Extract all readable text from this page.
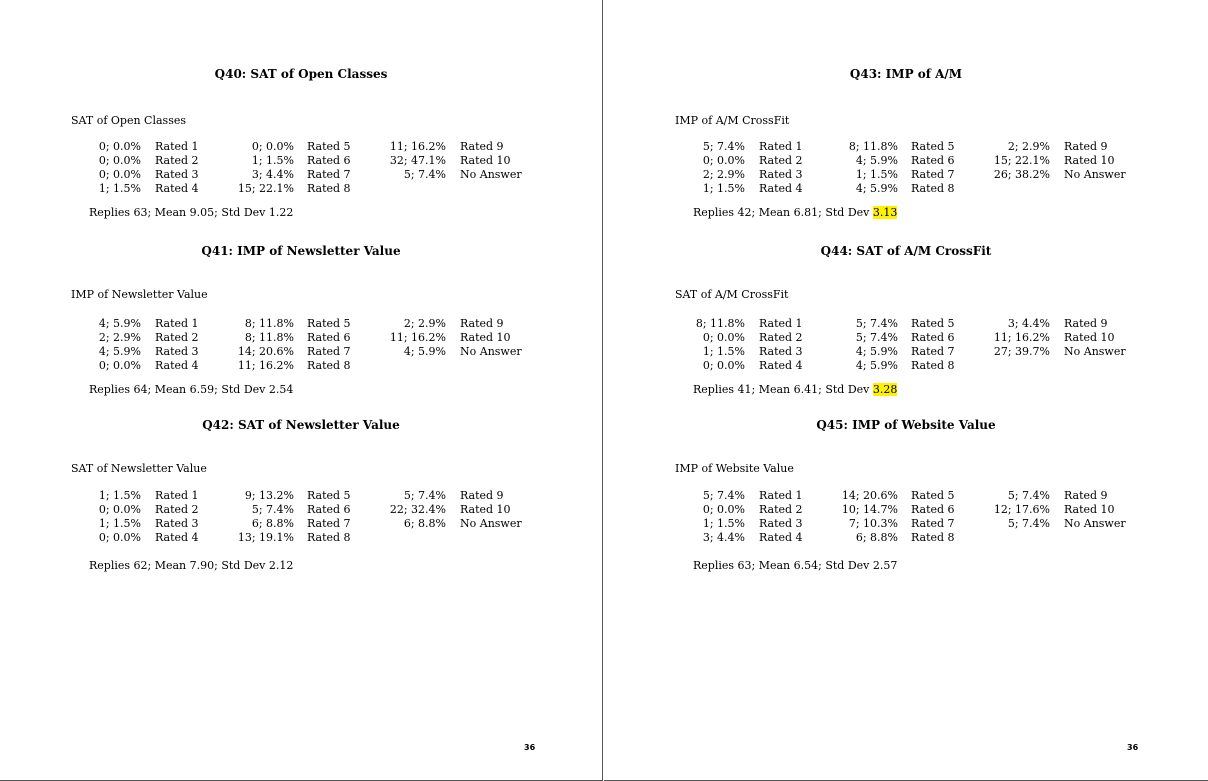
Q40: SAT of Open Classes
SAT of Open Classes
0; 0.0% Rated 1	0; 0.0% Rated 5	11; 16.2% Rated 9
0; 0.0% Rated 2	1; 1.5% Rated 6	32; 47.1% Rated 10
0; 0.0% Rated 3	3; 4.4% Rated 7	5; 7.4% No Answer
1; 1.5% Rated 4	15; 22.1% Rated 8
Replies 63; Mean 9.05; Std Dev 1.22
Q41: IMP of Newsletter Value
IMP of Newsletter Value
4; 5.9% Rated 1	8; 11.8% Rated 5	2; 2.9% Rated 9
2; 2.9% Rated 2	8; 11.8% Rated 6	11; 16.2% Rated 10
4; 5.9% Rated 3	14; 20.6% Rated 7	4; 5.9% No Answer
0; 0.0% Rated 4	11; 16.2% Rated 8
Replies 64; Mean 6.59; Std Dev 2.54
Q42: SAT of Newsletter Value
SAT of Newsletter Value
1; 1.5% Rated 1	9; 13.2% Rated 5	5; 7.4% Rated 9
0; 0.0% Rated 2	5; 7.4% Rated 6	22; 32.4% Rated 10
1; 1.5% Rated 3	6; 8.8% Rated 7	6; 8.8% No Answer
0; 0.0% Rated 4	13; 19.1% Rated 8
Replies 62; Mean 7.90; Std Dev 2.12
36
Q43: IMP of A/M
IMP of A/M CrossFit
5; 7.4% Rated 1	8; 11.8% Rated 5	2; 2.9% Rated 9
0; 0.0% Rated 2	4; 5.9% Rated 6	15; 22.1% Rated 10
2; 2.9% Rated 3	1; 1.5% Rated 7	26; 38.2% No Answer
1; 1.5% Rated 4	4; 5.9% Rated 8
Replies 42; Mean 6.81; Std Dev 3.13
Q44: SAT of A/M CrossFit
SAT of A/M CrossFit
8; 11.8% Rated 1	5; 7.4% Rated 5	3; 4.4% Rated 9
0; 0.0% Rated 2	5; 7.4% Rated 6	11; 16.2% Rated 10
1; 1.5% Rated 3	4; 5.9% Rated 7	27; 39.7% No Answer
0; 0.0% Rated 4	4; 5.9% Rated 8
Replies 41; Mean 6.41; Std Dev 3.28
Q45: IMP of Website Value
IMP of Website Value
5; 7.4% Rated 1	14; 20.6% Rated 5	5; 7.4% Rated 9
0; 0.0% Rated 2	10; 14.7% Rated 6	12; 17.6% Rated 10
1; 1.5% Rated 3	7; 10.3% Rated 7	5; 7.4% No Answer
3; 4.4% Rated 4	6; 8.8% Rated 8
Replies 63; Mean 6.54; Std Dev 2.57
36
